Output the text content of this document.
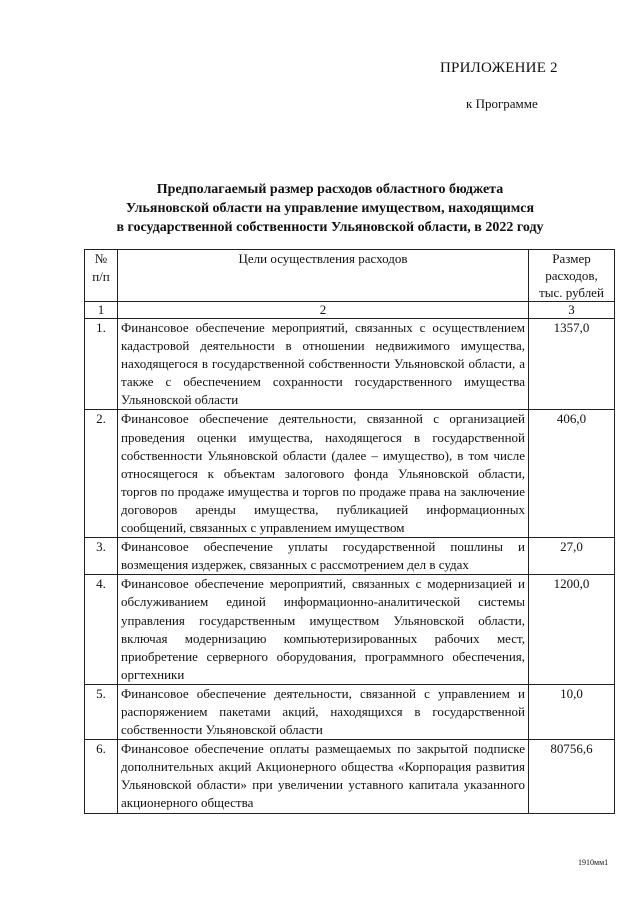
ПРИЛОЖЕНИЕ 2
к Программе
Предполагаемый размер расходов областного бюджета
Ульяновской области на управление имуществом, находящимся
в государственной собственности Ульяновской области, в 2022 году
№ п/п	Цели осуществления расходов	Размер расходов, тыс. рублей
1	2	3
1.	Финансовое обеспечение мероприятий, связанных с осуществлением кадастровой деятельности в отношении недвижимого имущества, находящегося в государственной собственности Ульяновской области, а также с обеспечением сохранности государственного имущества Ульяновской области	1357,0
2.	Финансовое обеспечение деятельности, связанной с организацией проведения оценки имущества, находящегося в государственной собственности Ульяновской области (далее – имущество), в том числе относящегося к объектам залогового фонда Ульяновской области, торгов по продаже имущества и торгов по продаже права на заключение договоров аренды имущества, публикацией информационных сообщений, связанных с управлением имуществом	406,0
3.	Финансовое обеспечение уплаты государственной пошлины и возмещения издержек, связанных с рассмотрением дел в судах	27,0
4.	Финансовое обеспечение мероприятий, связанных с модернизацией и обслуживанием единой информационно-аналитической системы управления государственным имуществом Ульяновской области, включая модернизацию компьютеризированных рабочих мест, приобретение серверного оборудования, программного обеспечения, оргтехники	1200,0
5.	Финансовое обеспечение деятельности, связанной с управлением и распоряжением пакетами акций, находящихся в государственной собственности Ульяновской области	10,0
6.	Финансовое обеспечение оплаты размещаемых по закрытой подписке дополнительных акций Акционерного общества «Корпорация развития Ульяновской области» при увеличении уставного капитала указанного акционерного общества	80756,6
1910мм1
